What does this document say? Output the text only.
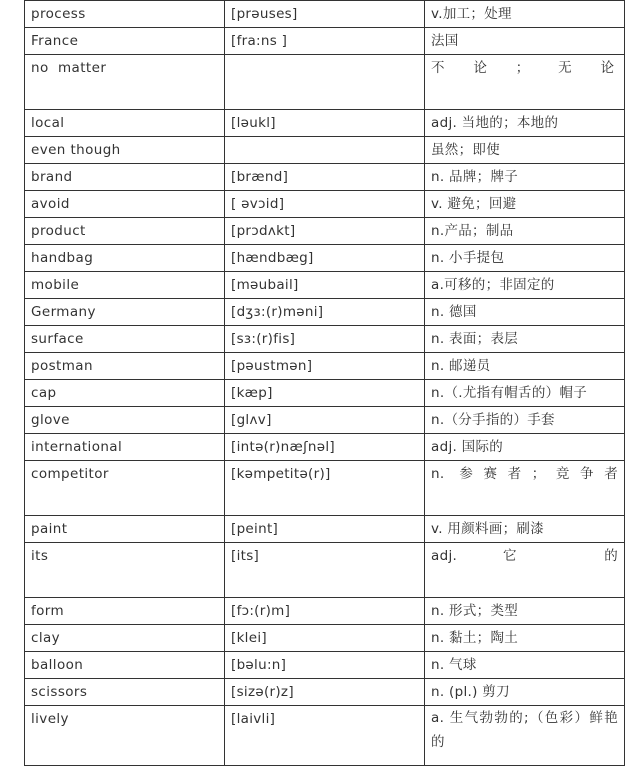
process	[prəuses]	v.加工；处理
France	[fra:ns ]	法国
no  matter		不论；无论
local	[ləukl]	adj. 当地的；本地的
even though		虽然；即使
brand	[brænd]	n. 品牌；牌子
avoid	[ əvɔid]	v. 避免；回避
product	[prɔdʌkt]	n.产品；制品
handbag	[hændbæg]	n. 小手提包
mobile	[məubail]	a.可移的；非固定的
Germany	[dʒɜ:(r)məni]	n. 德国
surface	[sɜ:(r)fis]	n. 表面；表层
postman	[pəustmən]	n. 邮递员
cap	[kæp]	n.（.尤指有帽舌的）帽子
glove	[glʌv]	n.（分手指的）手套
international	[intə(r)næʃnəl]	adj. 国际的
competitor	[kəmpetitə(r)]	n. 参赛者；竞争者
paint	[peint]	v. 用颜料画；刷漆
its	[its]	adj. 它 的
form	[fɔ:(r)m]	n. 形式；类型
clay	[klei]	n. 黏土；陶土
balloon	[bəlu:n]	n. 气球
scissors	[sizə(r)z]	n. (pl.) 剪刀
lively	[laivli]	a. 生气勃勃的;（色彩）鲜艳的
